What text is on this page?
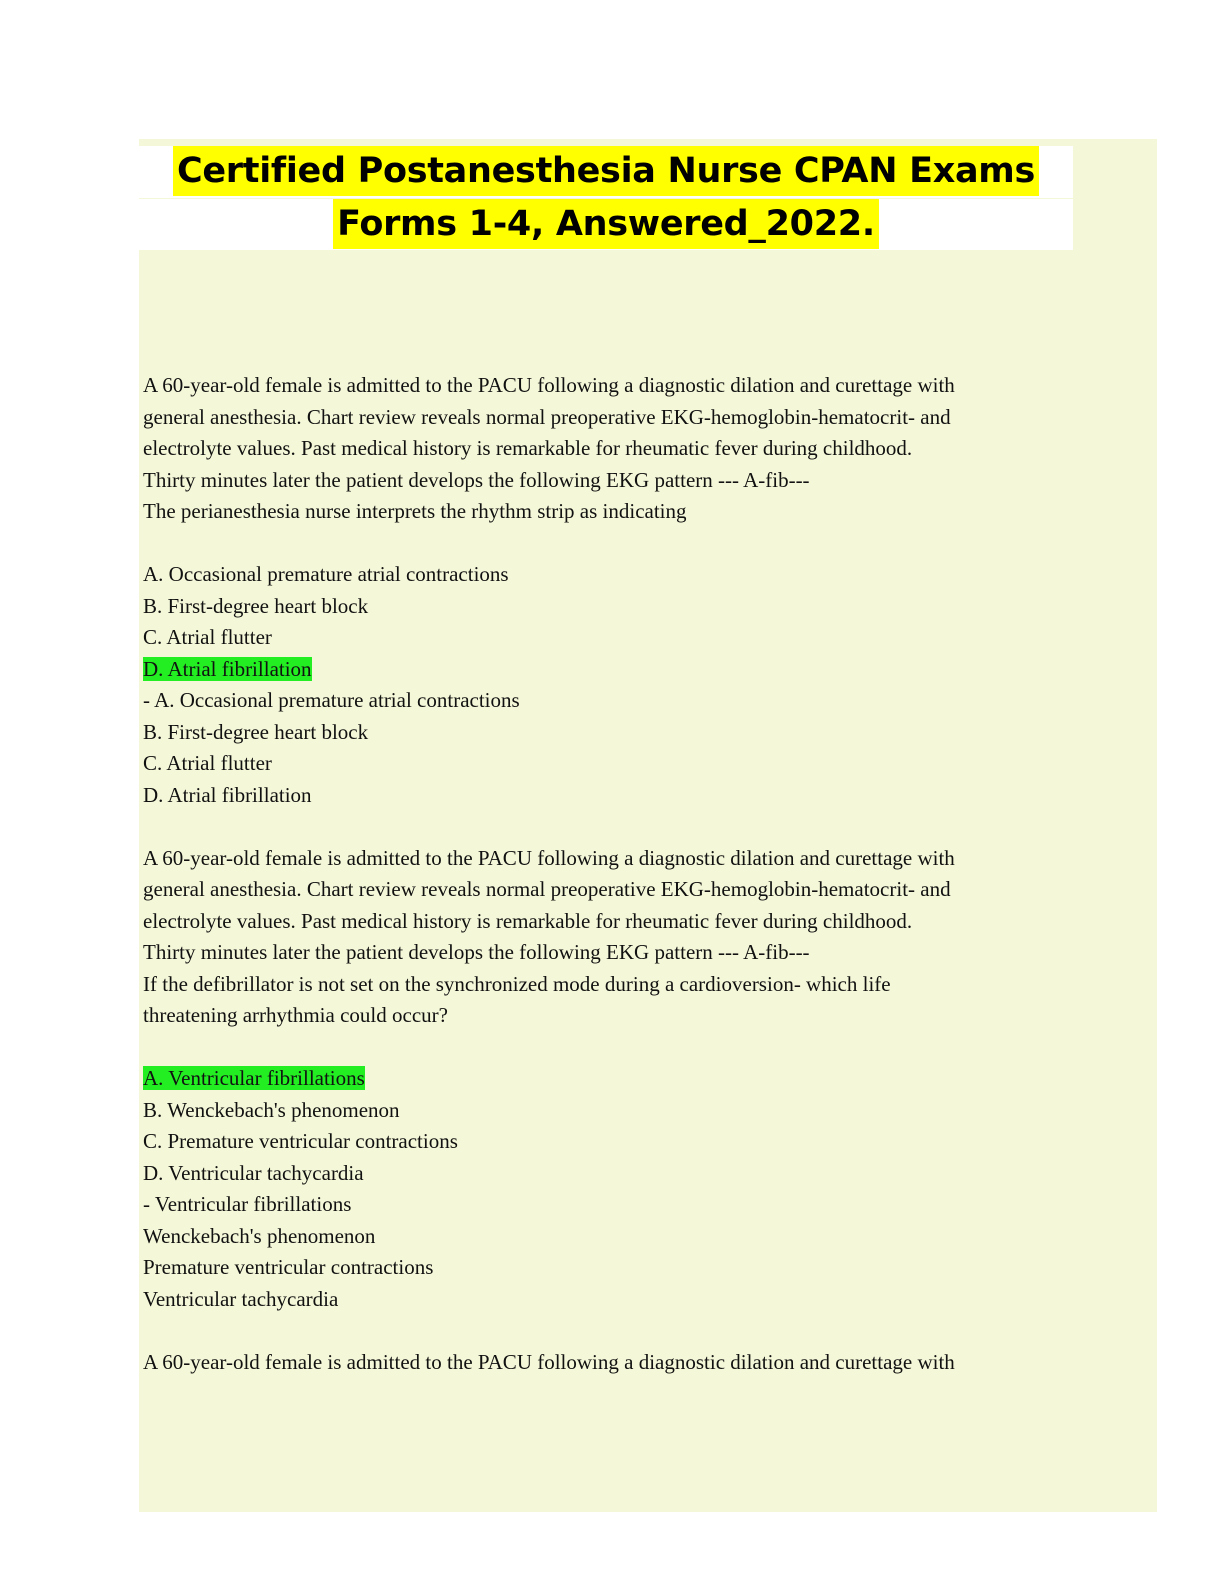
Certified Postanesthesia Nurse CPAN Exams
Forms 1-4, Answered_2022.
A 60-year-old female is admitted to the PACU following a diagnostic dilation and curettage with
general anesthesia. Chart review reveals normal preoperative EKG-hemoglobin-hematocrit- and
electrolyte values. Past medical history is remarkable for rheumatic fever during childhood.
Thirty minutes later the patient develops the following EKG pattern --- A-fib---
The perianesthesia nurse interprets the rhythm strip as indicating
A. Occasional premature atrial contractions
B. First-degree heart block
C. Atrial flutter
D. Atrial fibrillation
- A. Occasional premature atrial contractions
B. First-degree heart block
C. Atrial flutter
D. Atrial fibrillation
A 60-year-old female is admitted to the PACU following a diagnostic dilation and curettage with
general anesthesia. Chart review reveals normal preoperative EKG-hemoglobin-hematocrit- and
electrolyte values. Past medical history is remarkable for rheumatic fever during childhood.
Thirty minutes later the patient develops the following EKG pattern --- A-fib---
If the defibrillator is not set on the synchronized mode during a cardioversion- which life
threatening arrhythmia could occur?
A. Ventricular fibrillations
B. Wenckebach's phenomenon
C. Premature ventricular contractions
D. Ventricular tachycardia
- Ventricular fibrillations
Wenckebach's phenomenon
Premature ventricular contractions
Ventricular tachycardia
A 60-year-old female is admitted to the PACU following a diagnostic dilation and curettage with
